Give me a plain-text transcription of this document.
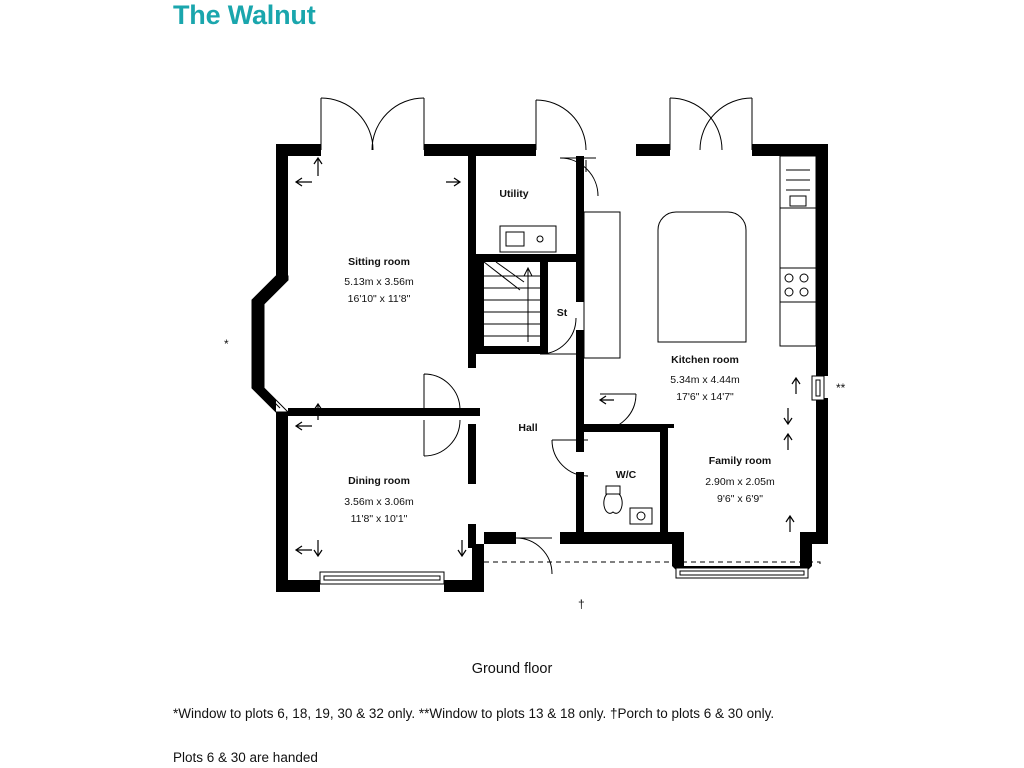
The Walnut
*
**
†
Sitting room
5.13m x 3.56m
16'10" x 11'8"
Dining room
3.56m x 3.06m
11'8" x 10'1"
Kitchen room
5.34m x 4.44m
17'6" x 14'7"
Family room
2.90m x 2.05m
9'6" x 6'9"
Utility
St
Hall
W/C
Ground floor
*Window to plots 6, 18, 19, 30 & 32 only. **Window to plots 13 & 18 only. †Porch to plots 6 & 30 only.
Plots 6 & 30 are handed
